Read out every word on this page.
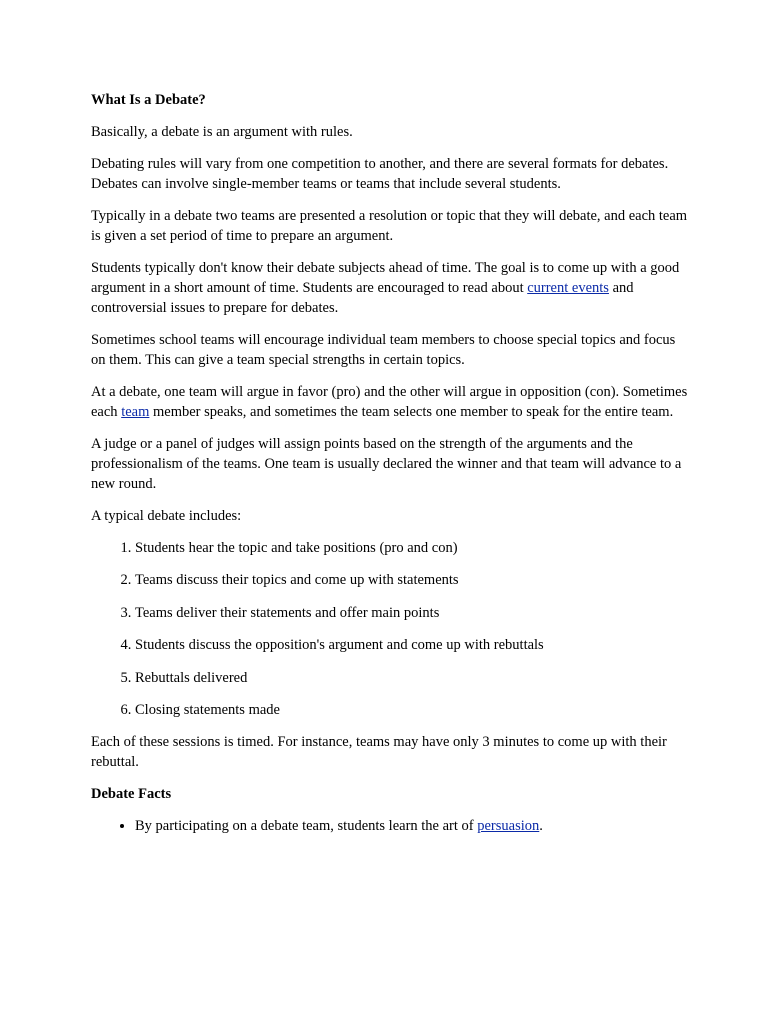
What Is a Debate?

Basically, a debate is an argument with rules.

Debating rules will vary from one competition to another, and there are several formats for debates. Debates can involve single-member teams or teams that include several students.

Typically in a debate two teams are presented a resolution or topic that they will debate, and each team is given a set period of time to prepare an argument.

Students typically don't know their debate subjects ahead of time. The goal is to come up with a good argument in a short amount of time. Students are encouraged to read about current events and controversial issues to prepare for debates.

Sometimes school teams will encourage individual team members to choose special topics and focus on them. This can give a team special strengths in certain topics.

At a debate, one team will argue in favor (pro) and the other will argue in opposition (con). Sometimes each team member speaks, and sometimes the team selects one member to speak for the entire team.

A judge or a panel of judges will assign points based on the strength of the arguments and the professionalism of the teams. One team is usually declared the winner and that team will advance to a new round.

A typical debate includes:

1. Students hear the topic and take positions (pro and con)
2. Teams discuss their topics and come up with statements
3. Teams deliver their statements and offer main points
4. Students discuss the opposition's argument and come up with rebuttals
5. Rebuttals delivered
6. Closing statements made

Each of these sessions is timed. For instance, teams may have only 3 minutes to come up with their rebuttal.

Debate Facts
• By participating on a debate team, students learn the art of persuasion.
